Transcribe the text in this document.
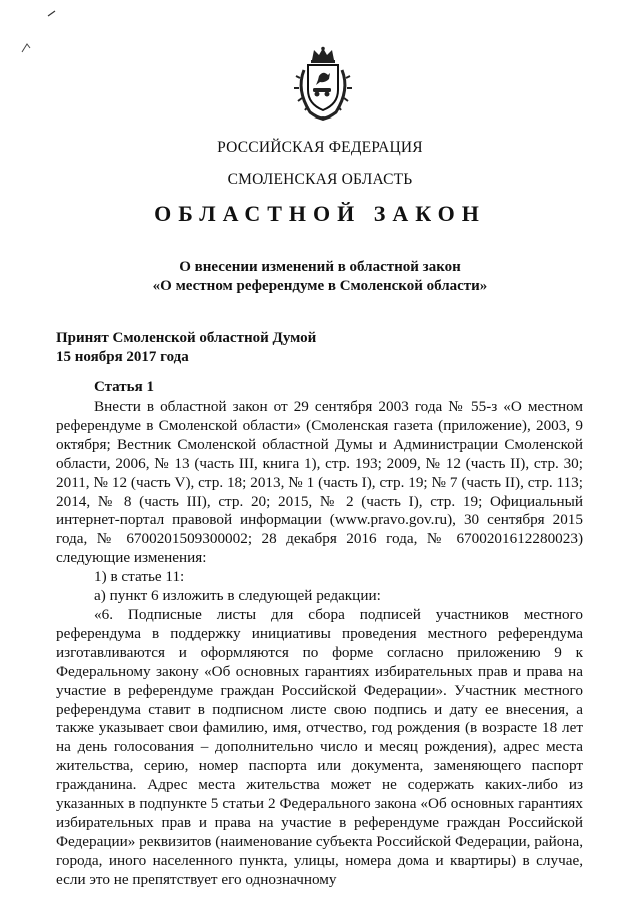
РОССИЙСКАЯ ФЕДЕРАЦИЯ
СМОЛЕНСКАЯ ОБЛАСТЬ
ОБЛАСТНОЙ ЗАКОН
О внесении изменений в областной закон
«О местном референдуме в Смоленской области»
Принят Смоленской областной Думой
15 ноября 2017 года
Статья 1

Внести в областной закон от 29 сентября 2003 года № 55-з «О местном референдуме в Смоленской области» (Смоленская газета (приложение), 2003, 9 октября; Вестник Смоленской областной Думы и Администрации Смоленской области, 2006, № 13 (часть III, книга 1), стр. 193; 2009, № 12 (часть II), стр. 30; 2011, № 12 (часть V), стр. 18; 2013, № 1 (часть I), стр. 19; № 7 (часть II), стр. 113; 2014, № 8 (часть III), стр. 20; 2015, № 2 (часть I), стр. 19; Официальный интернет-портал правовой информации (www.pravo.gov.ru), 30 сентября 2015 года, № 6700201509300002; 28 декабря 2016 года, № 6700201612280023) следующие изменения:

1) в статье 11:

а) пункт 6 изложить в следующей редакции:

«6. Подписные листы для сбора подписей участников местного референдума в поддержку инициативы проведения местного референдума изготавливаются и оформляются по форме согласно приложению 9 к Федеральному закону «Об основных гарантиях избирательных прав и права на участие в референдуме граждан Российской Федерации». Участник местного референдума ставит в подписном листе свою подпись и дату ее внесения, а также указывает свои фамилию, имя, отчество, год рождения (в возрасте 18 лет на день голосования – дополнительно число и месяц рождения), адрес места жительства, серию, номер паспорта или документа, заменяющего паспорт гражданина. Адрес места жительства может не содержать каких-либо из указанных в подпункте 5 статьи 2 Федерального закона «Об основных гарантиях избирательных прав и права на участие в референдуме граждан Российской Федерации» реквизитов (наименование субъекта Российской Федерации, района, города, иного населенного пункта, улицы, номера дома и квартиры) в случае, если это не препятствует его однозначному
